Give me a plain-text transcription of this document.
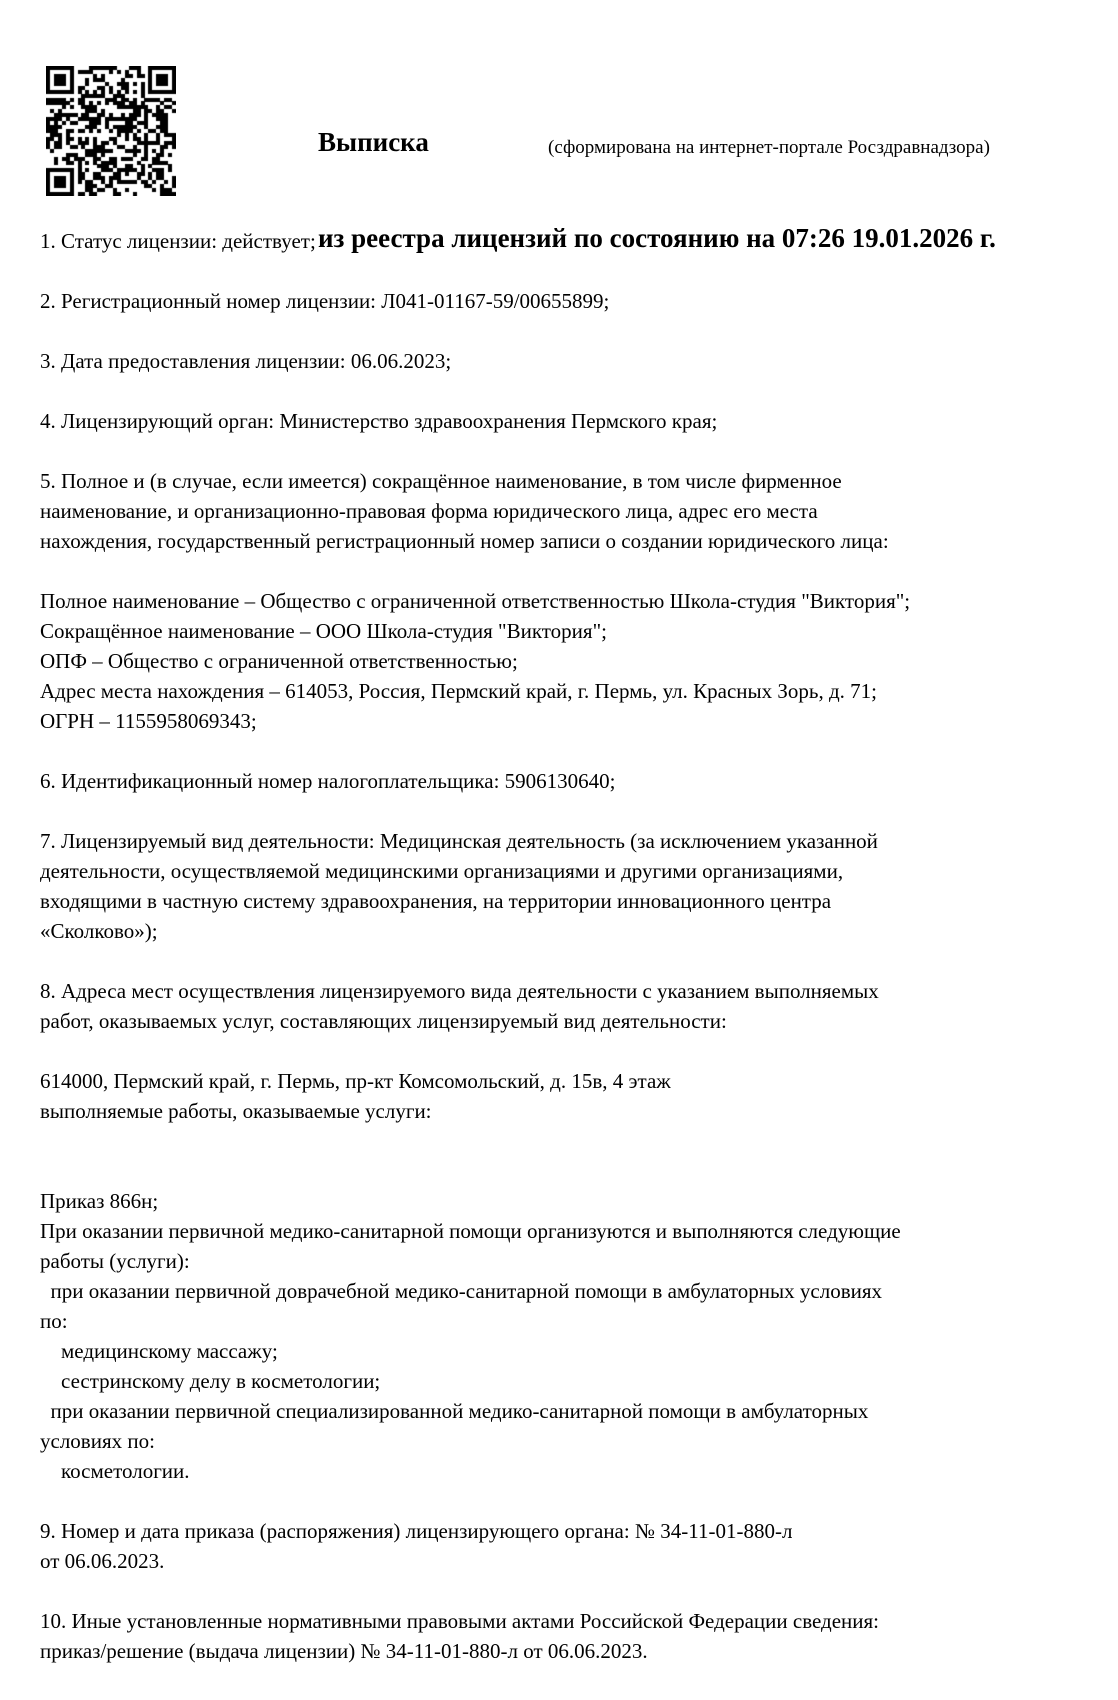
Выписка

из реестра лицензий по состоянию на 07:26 19.01.2026 г.

(сформирована на интернет-портале Росздравнадзора)
1. Статус лицензии: действует;
2. Регистрационный номер лицензии: Л041-01167-59/00655899;
3. Дата предоставления лицензии: 06.06.2023;
4. Лицензирующий орган: Министерство здравоохранения Пермского края;
5. Полное и (в случае, если имеется) сокращённое наименование, в том числе фирменное
наименование, и организационно-правовая форма юридического лица, адрес его места
нахождения, государственный регистрационный номер записи о создании юридического лица:
Полное наименование – Общество с ограниченной ответственностью Школа-студия "Виктория";
Сокращённое наименование – ООО Школа-студия "Виктория";
ОПФ – Общество с ограниченной ответственностью;
Адрес места нахождения – 614053, Россия, Пермский край, г. Пермь, ул. Красных Зорь, д. 71;
ОГРН – 1155958069343;
6. Идентификационный номер налогоплательщика: 5906130640;
7. Лицензируемый вид деятельности: Медицинская деятельность (за исключением указанной
деятельности, осуществляемой медицинскими организациями и другими организациями,
входящими в частную систему здравоохранения, на территории инновационного центра
«Сколково»);
8. Адреса мест осуществления лицензируемого вида деятельности с указанием выполняемых
работ, оказываемых услуг, составляющих лицензируемый вид деятельности:
614000, Пермский край, г. Пермь, пр-кт Комсомольский, д. 15в, 4 этаж
выполняемые работы, оказываемые услуги:
Приказ 866н;
При оказании первичной медико-санитарной помощи организуются и выполняются следующие
работы (услуги):
при оказании первичной доврачебной медико-санитарной помощи в амбулаторных условиях
по:
медицинскому массажу;
сестринскому делу в косметологии;
при оказании первичной специализированной медико-санитарной помощи в амбулаторных
условиях по:
косметологии.
9. Номер и дата приказа (распоряжения) лицензирующего органа: № 34-11-01-880-л
от 06.06.2023.
10. Иные установленные нормативными правовыми актами Российской Федерации сведения:
приказ/решение (выдача лицензии) № 34-11-01-880-л от 06.06.2023.
